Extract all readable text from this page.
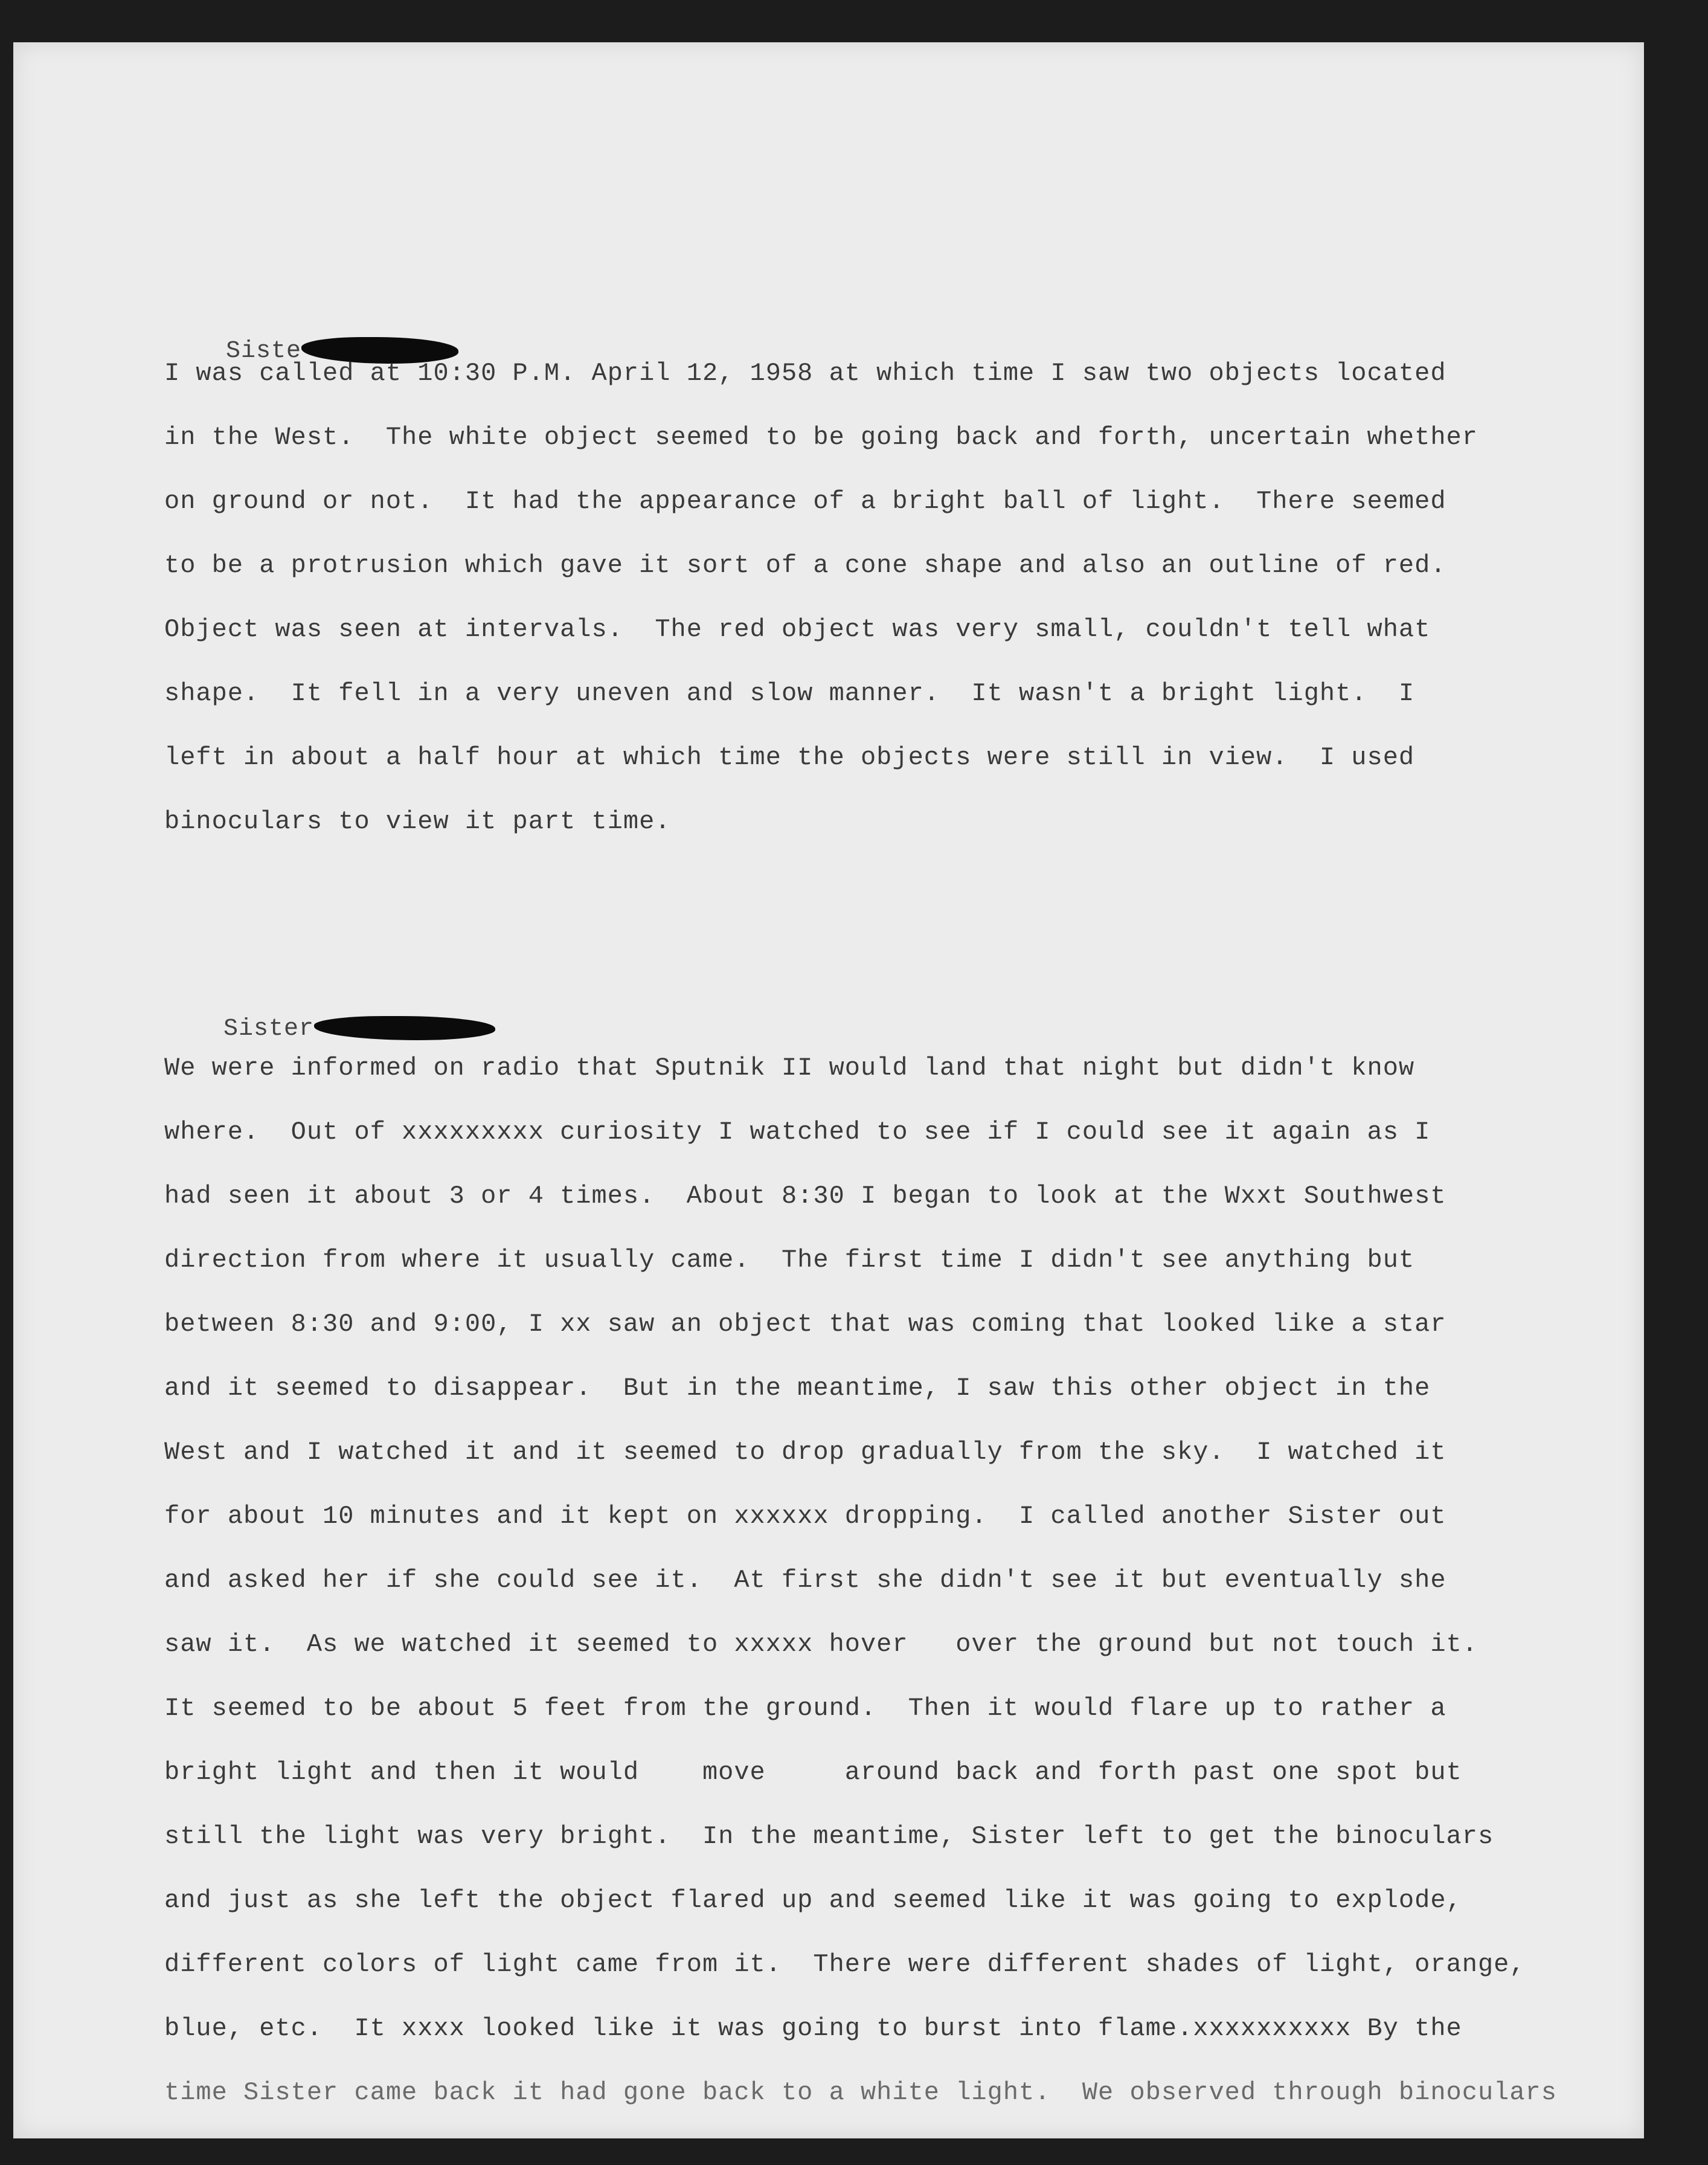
Siste

I was called at 10:30 P.M. April 12, 1958 at which time I saw two objects located
in the West.  The white object seemed to be going back and forth, uncertain whether
on ground or not.  It had the appearance of a bright ball of light.  There seemed
to be a protrusion which gave it sort of a cone shape and also an outline of red.
Object was seen at intervals.  The red object was very small, couldn't tell what
shape.  It fell in a very uneven and slow manner.  It wasn't a bright light.  I
left in about a half hour at which time the objects were still in view.  I used
binoculars to view it part time.

Sister

We were informed on radio that Sputnik II would land that night but didn't know
where.  Out of xxxxxxxxx curiosity I watched to see if I could see it again as I
had seen it about 3 or 4 times.  About 8:30 I began to look at the Wxxt Southwest
direction from where it usually came.  The first time I didn't see anything but
between 8:30 and 9:00, I xx saw an object that was coming that looked like a star
and it seemed to disappear.  But in the meantime, I saw this other object in the
West and I watched it and it seemed to drop gradually from the sky.  I watched it
for about 10 minutes and it kept on xxxxxx dropping.  I called another Sister out
and asked her if she could see it.  At first she didn't see it but eventually she
saw it.  As we watched it seemed to xxxxx hover   over the ground but not touch it.
It seemed to be about 5 feet from the ground.  Then it would flare up to rather a
bright light and then it would    move     around back and forth past one spot but
still the light was very bright.  In the meantime, Sister left to get the binoculars
and just as she left the object flared up and seemed like it was going to explode,
different colors of light came from it.  There were different shades of light, orange,
blue, etc.  It xxxx looked like it was going to burst into flame.xxxxxxxxxx By the
time Sister came back it had gone back to a white light.  We observed through binoculars
